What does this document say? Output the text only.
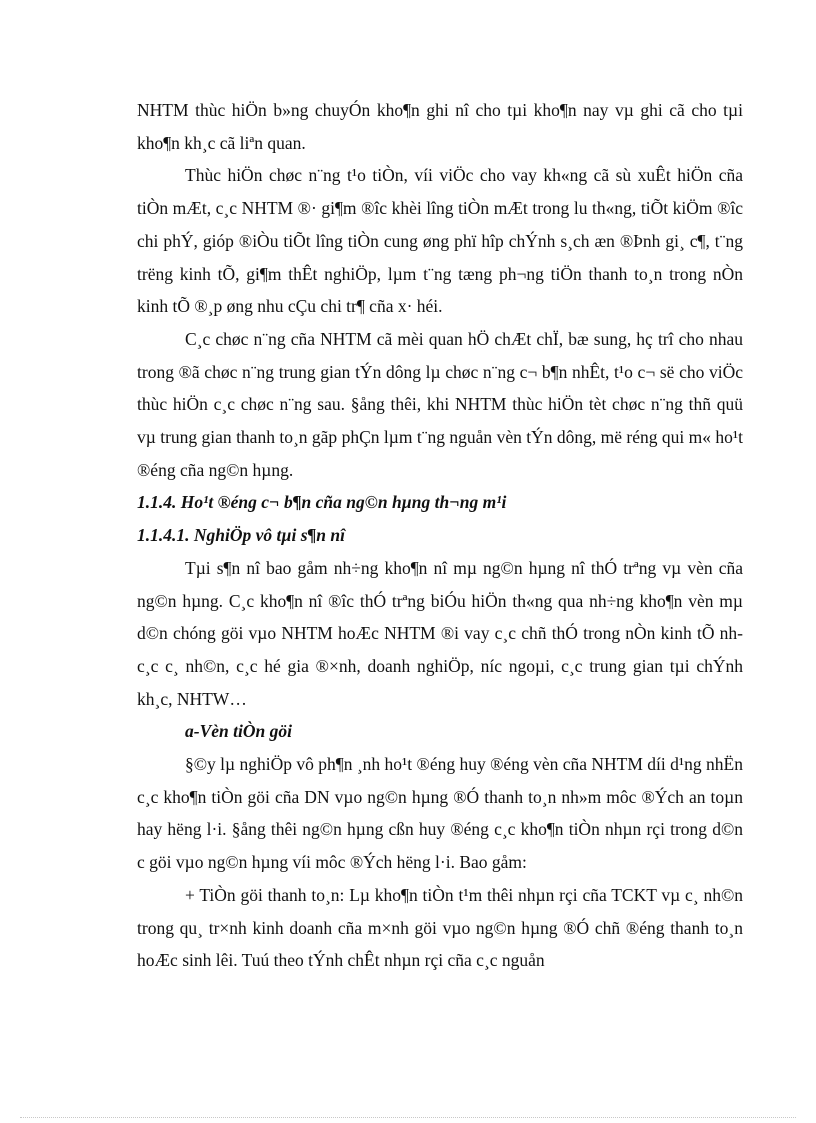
NHTM thùc hiÖn b»ng chuyÓn kho¶n ghi nî cho tµi kho¶n nay vµ ghi cã cho tµi kho¶n kh¸c cã liªn quan.

Thùc hiÖn chøc n¨ng t¹o tiÒn, víi viÖc cho vay kh«ng cã sù xuÊt hiÖn cña tiÒn mÆt, c¸c NHTM ®· gi¶m ®îc khèi lîng tiÒn mÆt trong lu th«ng, tiÕt kiÖm ®îc chi phÝ, gióp ®iÒu tiÕt lîng tiÒn cung øng phï hîp chÝnh s¸ch æn ®Þnh gi¸ c¶, t¨ng trëng kinh tÕ, gi¶m thÊt nghiÖp, lµm t¨ng tæng ph¬ng tiÖn thanh to¸n trong nÒn kinh tÕ ®¸p øng nhu cÇu chi tr¶ cña x· héi.

C¸c chøc n¨ng cña NHTM cã mèi quan hÖ chÆt chÏ, bæ sung, hç trî cho nhau trong ®ã chøc n¨ng trung gian tÝn dông lµ chøc n¨ng c¬ b¶n nhÊt, t¹o c¬ së cho viÖc thùc hiÖn c¸c chøc n¨ng sau. §ång thêi, khi NHTM thùc hiÖn tèt chøc n¨ng thñ quü vµ trung gian thanh to¸n gãp phÇn lµm t¨ng nguån vèn tÝn dông, më réng qui m« ho¹t ®éng cña ng©n hµng.

1.1.4. Ho¹t ®éng c¬ b¶n cña ng©n hµng th¬ng m¹i
1.1.4.1. NghiÖp vô tµi s¶n nî

Tµi s¶n nî bao gåm nh÷ng kho¶n nî mµ ng©n hµng nî thÓ trªng vµ vèn cña ng©n hµng. C¸c kho¶n nî ®îc thÓ trªng biÓu hiÖn th«ng qua nh÷ng kho¶n vèn mµ d©n chóng göi vµo NHTM hoÆc NHTM ®i vay c¸c chñ thÓ trong nÒn kinh tÕ nh c¸c c¸ nh©n, c¸c hé gia ®×nh, doanh nghiÖp, níc ngoµi, c¸c trung gian tµi chÝnh kh¸c, NHTW…

a-Vèn tiÒn göi

§©y lµ nghiÖp vô ph¶n ¸nh ho¹t ®éng huy ®éng vèn cña NHTM díi d¹ng nhËn c¸c kho¶n tiÒn göi cña DN vµo ng©n hµng ®Ó thanh to¸n nh»m môc ®Ých an toµn hay hëng l·i. §ång thêi ng©n hµng cßn huy ®éng c¸c kho¶n tiÒn nhµn rçi trong d©n c göi vµo ng©n hµng víi môc ®Ých hëng l·i. Bao gåm:

+ TiÒn göi thanh to¸n: Lµ kho¶n tiÒn t¹m thêi nhµn rçi cña TCKT vµ c¸ nh©n trong qu¸ tr×nh kinh doanh cña m×nh göi vµo ng©n hµng ®Ó chñ ®éng thanh to¸n hoÆc sinh lêi. Tuú theo tÝnh chÊt nhµn rçi cña c¸c nguån
